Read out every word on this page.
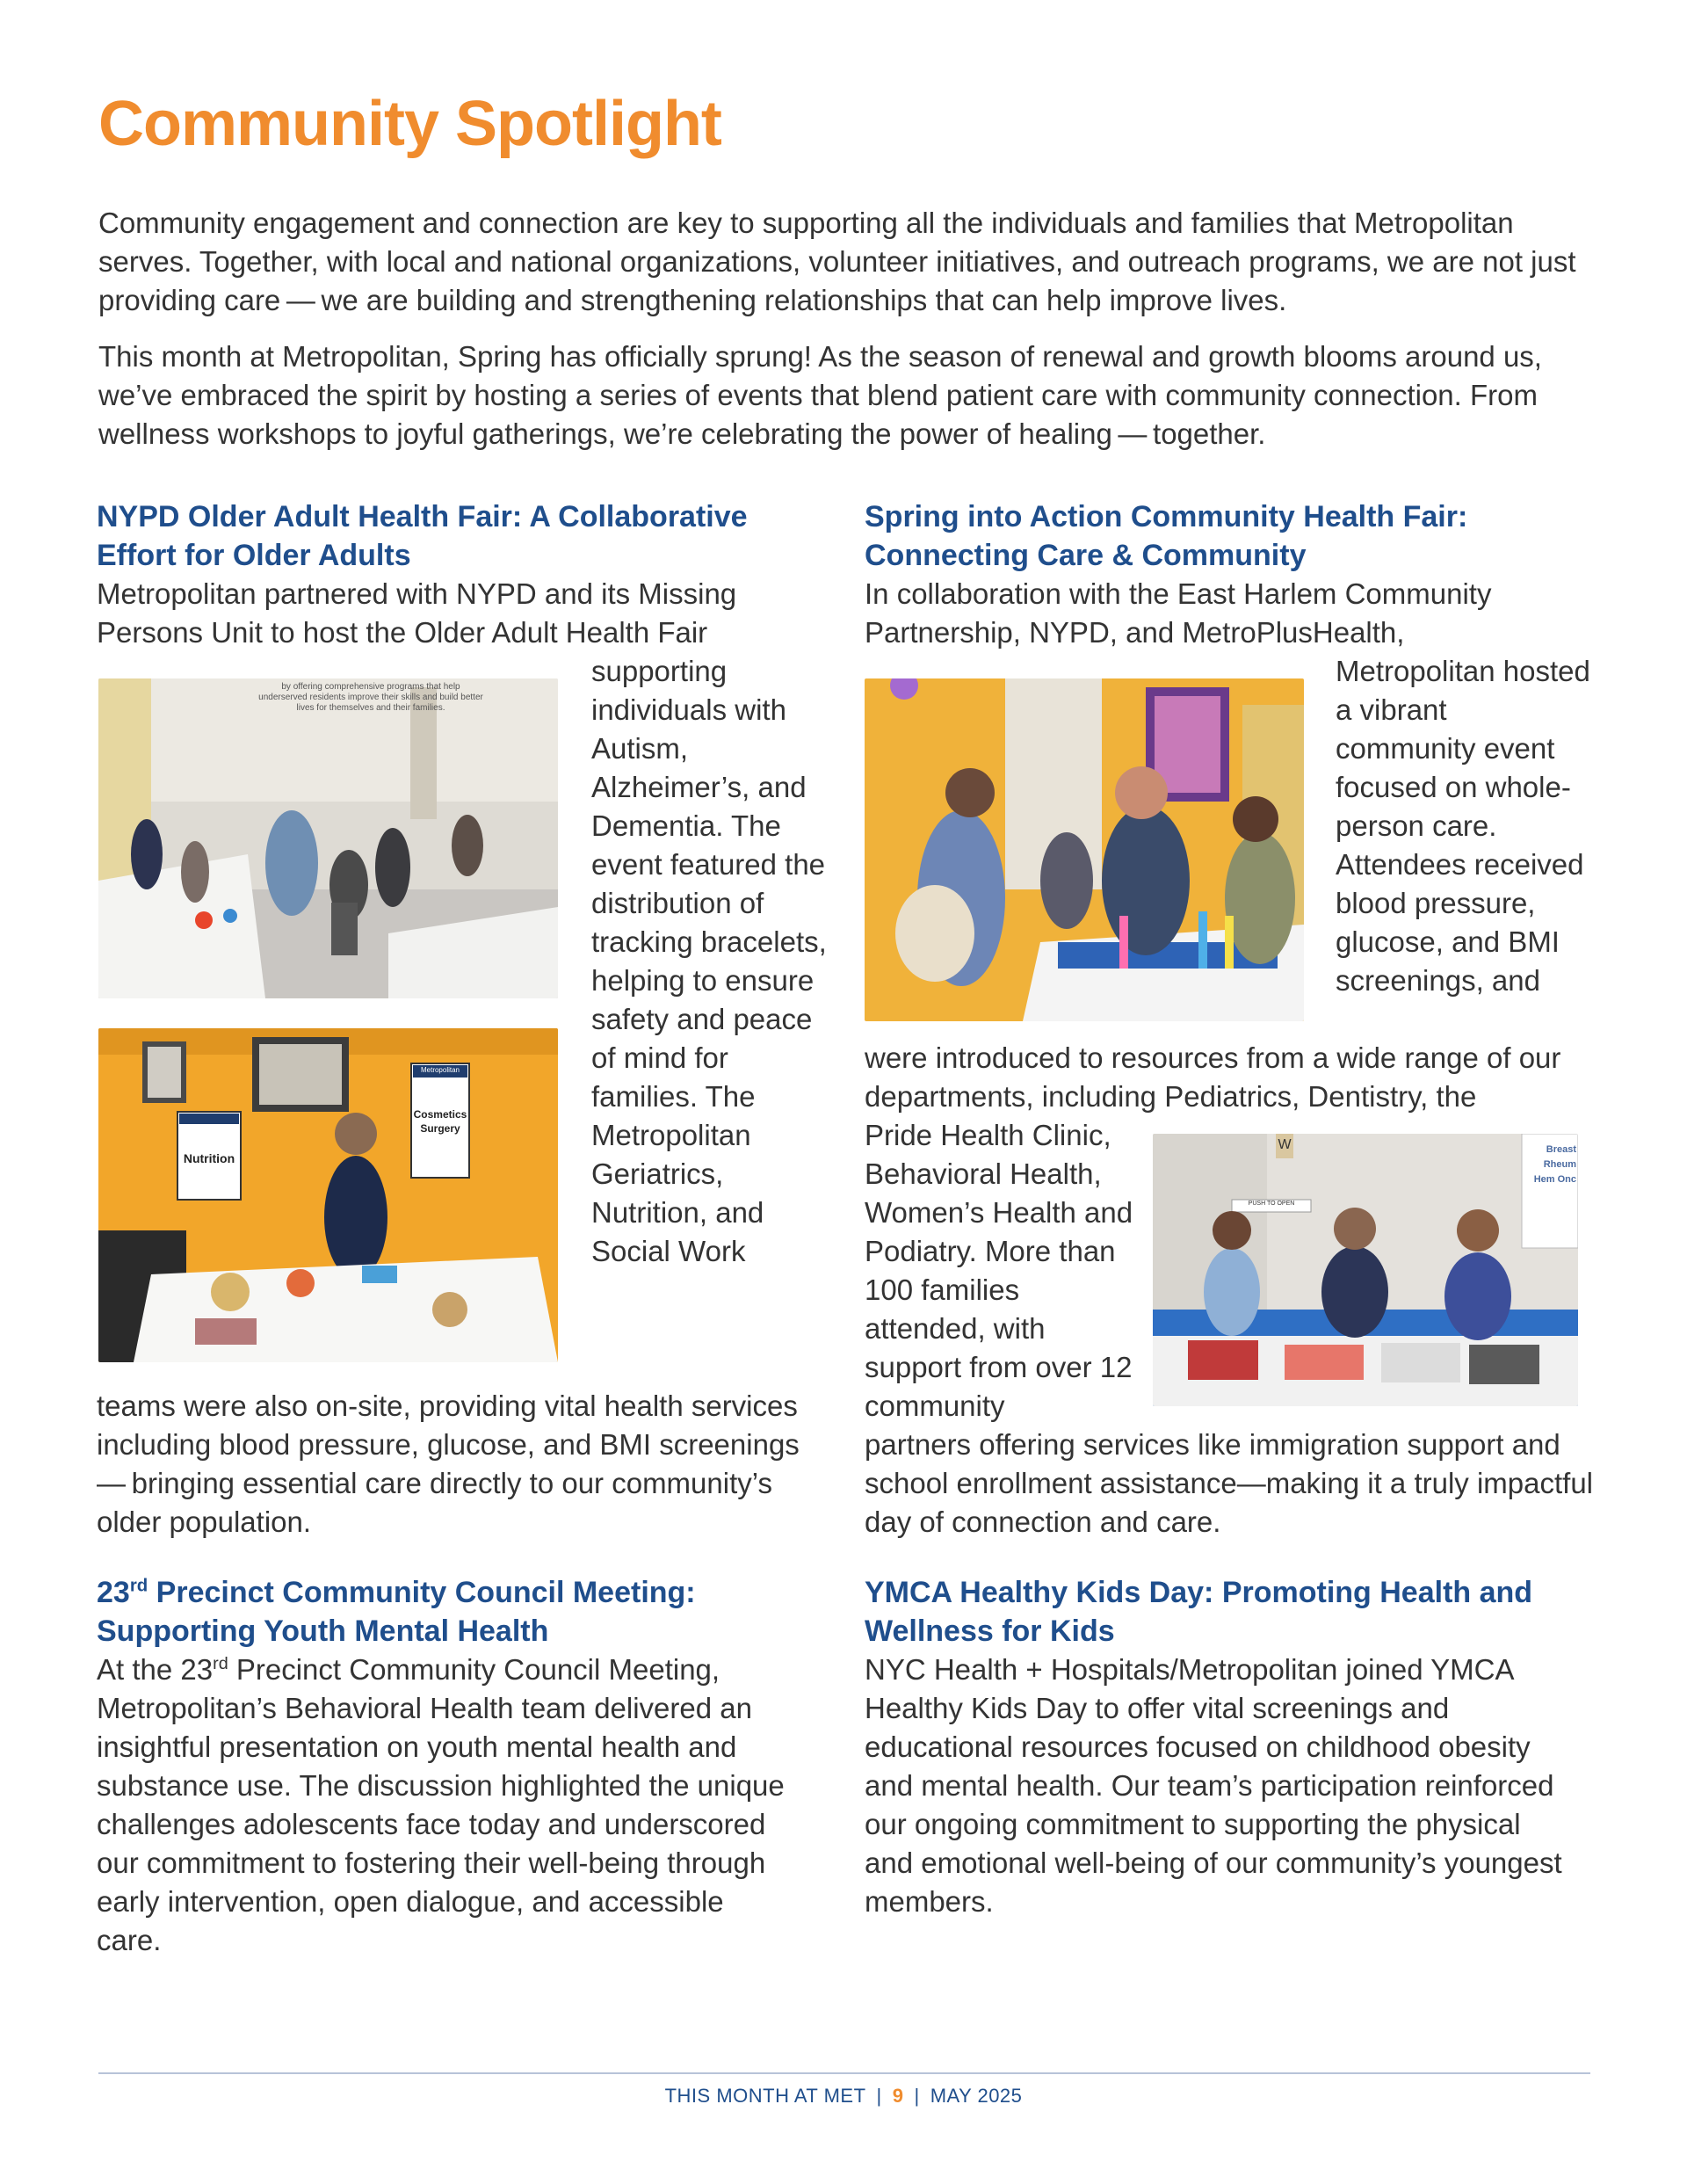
Community Spotlight

Community engagement and connection are key to supporting all the individuals and families that Metropolitan serves. Together, with local and national organizations, volunteer initiatives, and outreach programs, we are not just providing care — we are building and strengthening relationships that can help improve lives.

This month at Metropolitan, Spring has officially sprung! As the season of renewal and growth blooms around us, we’ve embraced the spirit by hosting a series of events that blend patient care with community connection. From wellness workshops to joyful gatherings, we’re celebrating the power of healing — together.

NYPD Older Adult Health Fair: A Collaborative Effort for Older Adults

Metropolitan partnered with NYPD and its Missing Persons Unit to host the Older Adult Health Fair

supporting individuals with Autism, Alzheimer’s, and Dementia. The event featured the distribution of tracking bracelets, helping to ensure safety and peace of mind for families. The Metropolitan Geriatrics, Nutrition, and Social Work

teams were also on-site, providing vital health services including blood pressure, glucose, and BMI screenings — bringing essential care directly to our community’s older population.

by offering comprehensive programs that help underserved residents improve their skills and build better lives for themselves and their families.
Nutrition
Cosmetics Surgery
Metropolitan
Spring into Action Community Health Fair: Connecting Care & Community

In collaboration with the East Harlem Community Partnership, NYPD, and MetroPlusHealth,

Metropolitan hosted a vibrant community event focused on whole-person care. Attendees received blood pressure, glucose, and BMI screenings, and

were introduced to resources from a wide range of our departments, including Pediatrics, Dentistry, the

Pride Health Clinic, Behavioral Health, Women’s Health and Podiatry. More than 100 families attended, with support from over 12 community

partners offering services like immigration support and school enrollment assistance—making it a truly impactful day of connection and care.

W	Breast Rheum Hem Onc
PUSH TO OPEN
23rd Precinct Community Council Meeting: Supporting Youth Mental Health

At the 23rd Precinct Community Council Meeting, Metropolitan’s Behavioral Health team delivered an insightful presentation on youth mental health and substance use. The discussion highlighted the unique challenges adolescents face today and underscored our commitment to fostering their well-being through early intervention, open dialogue, and accessible care.

YMCA Healthy Kids Day: Promoting Health and Wellness for Kids

NYC Health + Hospitals/Metropolitan joined YMCA Healthy Kids Day to offer vital screenings and educational resources focused on childhood obesity and mental health. Our team’s participation reinforced our ongoing commitment to supporting the physical and emotional well-being of our community’s youngest members.

THIS MONTH AT MET | 9 | MAY 2025
